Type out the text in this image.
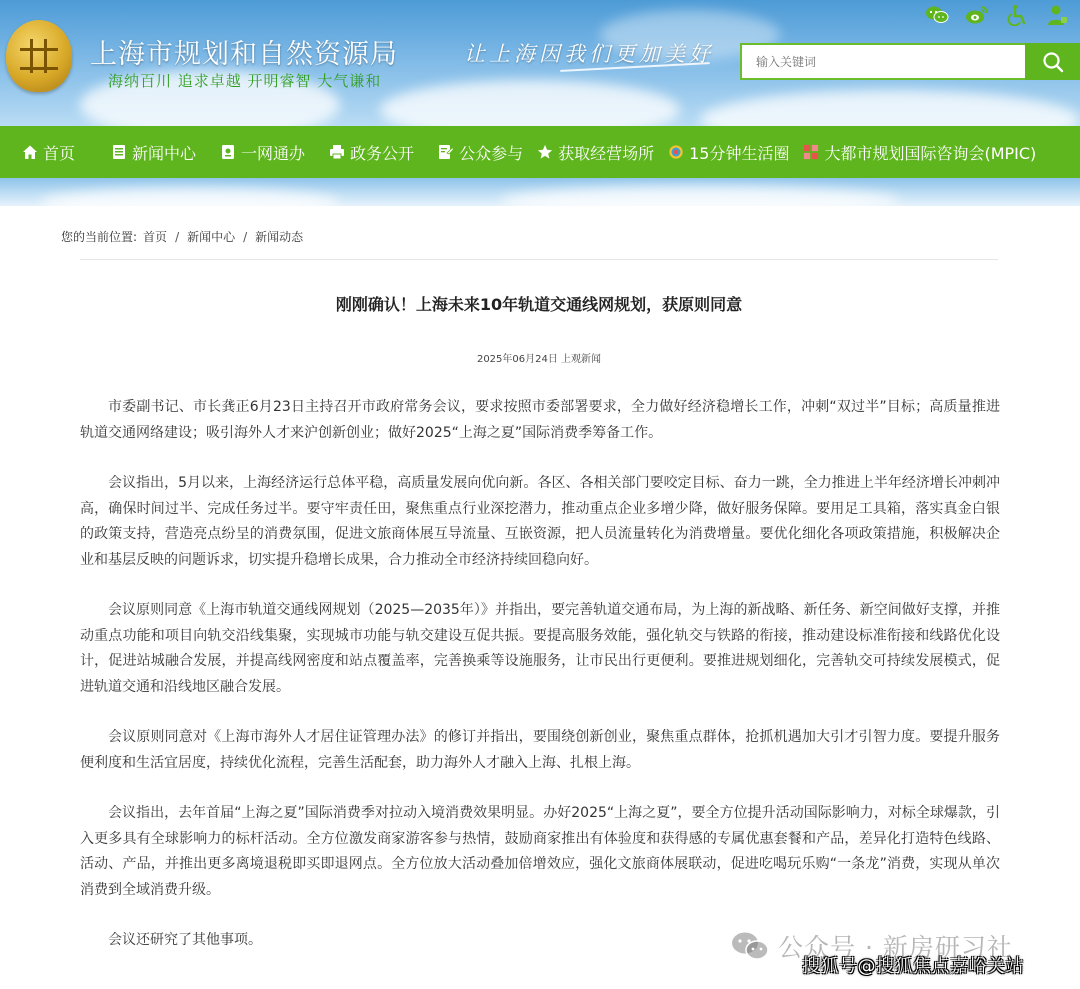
上海市规划和自然资源局
海纳百川 追求卓越 开明睿智 大气谦和
让上海因我们更加美好
输入关键词
首页	新闻中心	一网通办	政务公开	公众参与 获取经营场所 15分钟生活圈 大都市规划国际咨询会(MPIC)
您的当前位置: 首页 / 新闻中心 / 新闻动态
刚刚确认！上海未来10年轨道交通线网规划，获原则同意
2025年06月24日 上观新闻

市委副书记、市长龚正6月23日主持召开市政府常务会议，要求按照市委部署要求，全力做好经济稳增长工作，冲刺“双过半”目标；高质量推进轨道交通网络建设；吸引海外人才来沪创新创业；做好2025“上海之夏”国际消费季筹备工作。

会议指出，5月以来，上海经济运行总体平稳，高质量发展向优向新。各区、各相关部门要咬定目标、奋力一跳，全力推进上半年经济增长冲刺冲高，确保时间过半、完成任务过半。要守牢责任田，聚焦重点行业深挖潜力，推动重点企业多增少降，做好服务保障。要用足工具箱，落实真金白银的政策支持，营造亮点纷呈的消费氛围，促进文旅商体展互导流量、互嵌资源，把人员流量转化为消费增量。要优化细化各项政策措施，积极解决企业和基层反映的问题诉求，切实提升稳增长成果，合力推动全市经济持续回稳向好。

会议原则同意《上海市轨道交通线网规划（2025—2035年）》并指出，要完善轨道交通布局，为上海的新战略、新任务、新空间做好支撑，并推动重点功能和项目向轨交沿线集聚，实现城市功能与轨交建设互促共振。要提高服务效能，强化轨交与铁路的衔接，推动建设标准衔接和线路优化设计，促进站城融合发展，并提高线网密度和站点覆盖率，完善换乘等设施服务，让市民出行更便利。要推进规划细化，完善轨交可持续发展模式，促进轨道交通和沿线地区融合发展。

会议原则同意对《上海市海外人才居住证管理办法》的修订并指出，要围绕创新创业，聚焦重点群体，抢抓机遇加大引才引智力度。要提升服务便利度和生活宜居度，持续优化流程，完善生活配套，助力海外人才融入上海、扎根上海。

会议指出，去年首届“上海之夏”国际消费季对拉动入境消费效果明显。办好2025“上海之夏”，要全方位提升活动国际影响力，对标全球爆款，引入更多具有全球影响力的标杆活动。全方位激发商家游客参与热情，鼓励商家推出有体验度和获得感的专属优惠套餐和产品，差异化打造特色线路、活动、产品，并推出更多离境退税即买即退网点。全方位放大活动叠加倍增效应，强化文旅商体展联动，促进吃喝玩乐购“一条龙”消费，实现从单次消费到全域消费升级。

会议还研究了其他事项。	公众号 · 新房研习社
搜狐号@搜狐焦点嘉峪关站
